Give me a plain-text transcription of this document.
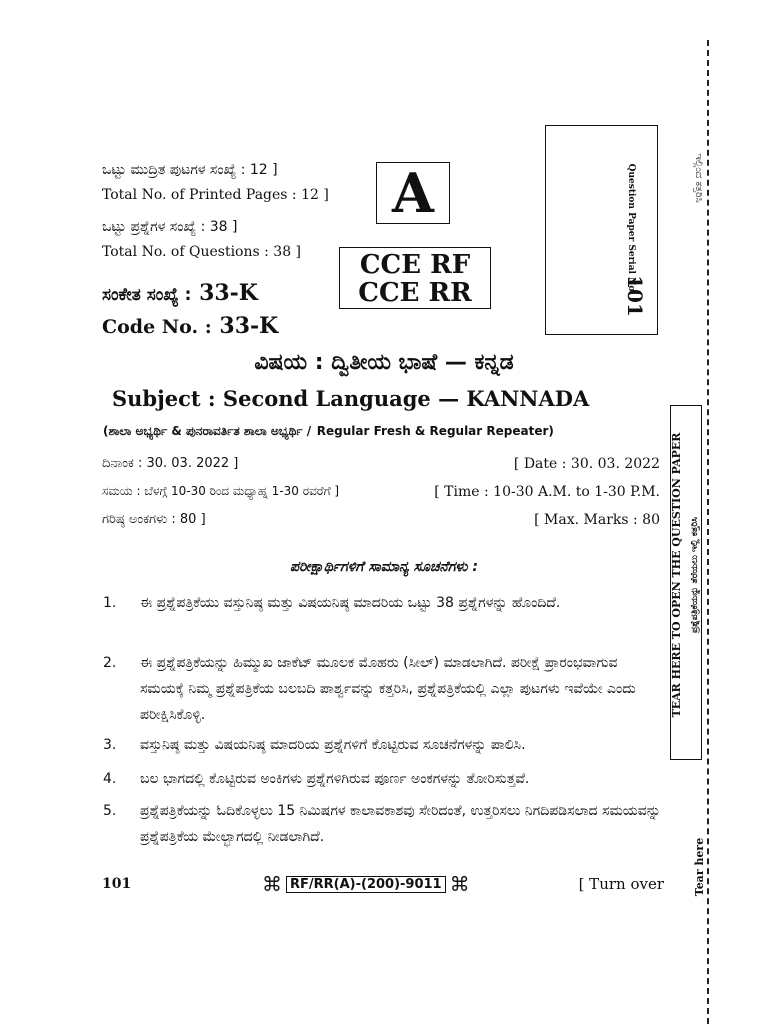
ಒಟ್ಟು ಮುದ್ರಿತ ಪುಟಗಳ ಸಂಖ್ಯೆ : 12 ]
Total No. of Printed Pages : 12 ]
ಒಟ್ಟು ಪ್ರಶ್ನೆಗಳ ಸಂಖ್ಯೆ : 38 ]
Total No. of Questions : 38 ]
ಸಂಕೇತ ಸಂಖ್ಯೆ : 33-K
Code No. : 33-K
A
CCE RF
CCE RR	Question Paper Serial No.
101
ವಿಷಯ : ದ್ವಿತೀಯ ಭಾಷೆ — ಕನ್ನಡ
Subject : Second Language — KANNADA
(ಶಾಲಾ ಅಭ್ಯರ್ಥಿ & ಪುನರಾವರ್ತಿತ ಶಾಲಾ ಅಭ್ಯರ್ಥಿ / Regular Fresh & Regular Repeater)
ದಿನಾಂಕ : 30. 03. 2022 ]	[ Date : 30. 03. 2022
ಸಮಯ : ಬೆಳಗ್ಗೆ 10-30 ರಿಂದ ಮಧ್ಯಾಹ್ನ 1-30 ರವರೆಗೆ ]	[ Time : 10-30 A.M. to 1-30 P.M.
ಗರಿಷ್ಠ ಅಂಕಗಳು : 80 ]	[ Max. Marks : 80
ಪರೀಕ್ಷಾರ್ಥಿಗಳಿಗೆ ಸಾಮಾನ್ಯ ಸೂಚನೆಗಳು :
1. ಈ ಪ್ರಶ್ನೆಪತ್ರಿಕೆಯು ವಸ್ತುನಿಷ್ಠ ಮತ್ತು ವಿಷಯನಿಷ್ಠ ಮಾದರಿಯ ಒಟ್ಟು 38 ಪ್ರಶ್ನೆಗಳನ್ನು ಹೊಂದಿದೆ.
2. ಈ ಪ್ರಶ್ನೆಪತ್ರಿಕೆಯನ್ನು ಹಿಮ್ಮುಖ ಜಾಕೆಟ್ ಮೂಲಕ ಮೊಹರು (ಸೀಲ್) ಮಾಡಲಾಗಿದೆ. ಪರೀಕ್ಷೆ ಪ್ರಾರಂಭವಾಗುವ ಸಮಯಕ್ಕೆ ನಿಮ್ಮ ಪ್ರಶ್ನೆಪತ್ರಿಕೆಯ ಬಲಬದಿ ಪಾರ್ಶ್ವವನ್ನು ಕತ್ತರಿಸಿ, ಪ್ರಶ್ನೆಪತ್ರಿಕೆಯಲ್ಲಿ ಎಲ್ಲಾ ಪುಟಗಳು ಇವೆಯೇ ಎಂದು ಪರೀಕ್ಷಿಸಿಕೊಳ್ಳಿ.
3. ವಸ್ತುನಿಷ್ಠ ಮತ್ತು ವಿಷಯನಿಷ್ಠ ಮಾದರಿಯ ಪ್ರಶ್ನೆಗಳಿಗೆ ಕೊಟ್ಟಿರುವ ಸೂಚನೆಗಳನ್ನು ಪಾಲಿಸಿ.
4. ಬಲ ಭಾಗದಲ್ಲಿ ಕೊಟ್ಟಿರುವ ಅಂಕಿಗಳು ಪ್ರಶ್ನೆಗಳಿಗಿರುವ ಪೂರ್ಣ ಅಂಕಗಳನ್ನು ತೋರಿಸುತ್ತವೆ.
5. ಪ್ರಶ್ನೆಪತ್ರಿಕೆಯನ್ನು ಓದಿಕೊಳ್ಳಲು 15 ನಿಮಿಷಗಳ ಕಾಲಾವಕಾಶವು ಸೇರಿದಂತೆ, ಉತ್ತರಿಸಲು ನಿಗದಿಪಡಿಸಲಾದ ಸಮಯವನ್ನು ಪ್ರಶ್ನೆಪತ್ರಿಕೆಯ ಮೇಲ್ಭಾಗದಲ್ಲಿ ನೀಡಲಾಗಿದೆ.
101	⌘ RF/RR(A)-(200)-9011 ⌘	[ Turn over
ಇಲ್ಲಿಂದ ಕತ್ತರಿಸಿ
TEAR HERE TO OPEN THE QUESTION PAPER ಪ್ರಶ್ನೆಪತ್ರಿಕೆಯನ್ನು ತೆರೆಯಲು ಇಲ್ಲಿ ಕತ್ತರಿಸಿ
Tear here
